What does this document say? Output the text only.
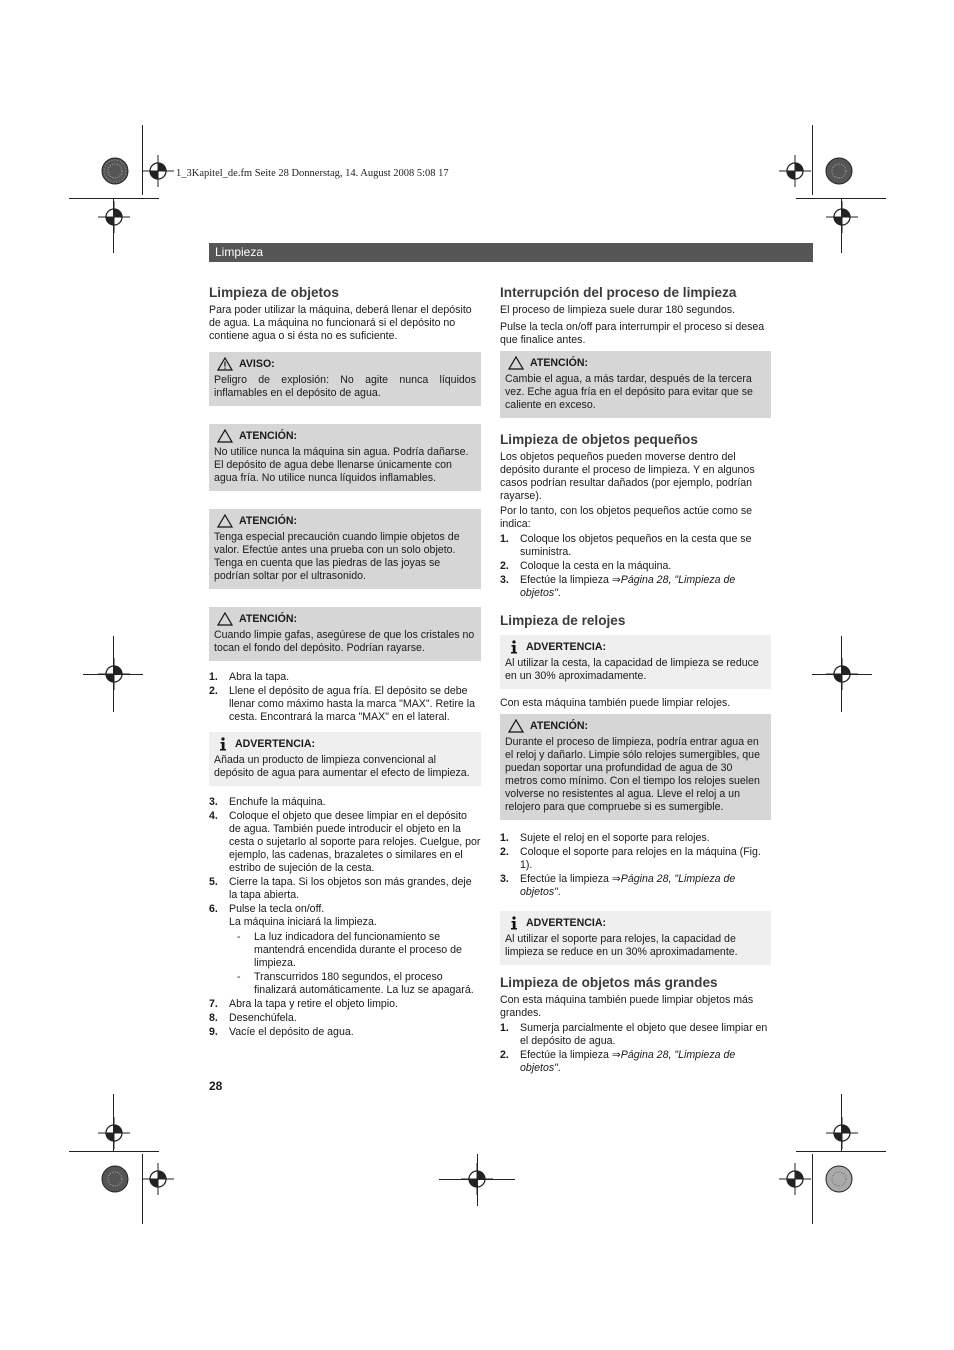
1_3Kapitel_de.fm Seite 28 Donnerstag, 14. August 2008 5:08 17
Limpieza
Limpieza de objetos

Para poder utilizar la máquina, deberá llenar el depósito de agua. La máquina no funcionará si el depósito no contiene agua o si ésta no es suficiente.

AVISO:

Peligro de explosión: No agite nunca líquidos inflamables en el depósito de agua.

ATENCIÓN:

No utilice nunca la máquina sin agua. Podría dañarse. El depósito de agua debe llenarse únicamente con agua fría. No utilice nunca líquidos inflamables.

ATENCIÓN:

Tenga especial precaución cuando limpie objetos de valor. Efectúe antes una prueba con un solo objeto. Tenga en cuenta que las piedras de las joyas se podrían soltar por el ultrasonido.

ATENCIÓN:

Cuando limpie gafas, asegúrese de que los cristales no tocan el fondo del depósito. Podrían rayarse.

1. Abra la tapa.
2. Llene el depósito de agua fría. El depósito se debe llenar como máximo hasta la marca "MAX". Retire la cesta. Encontrará la marca "MAX" en el lateral.
ADVERTENCIA:

Añada un producto de limpieza convencional al depósito de agua para aumentar el efecto de limpieza.

3. Enchufe la máquina.
4. Coloque el objeto que desee limpiar en el depósito de agua. También puede introducir el objeto en la cesta o sujetarlo al soporte para relojes. Cuelgue, por ejemplo, las cadenas, brazaletes o similares en el estribo de sujeción de la cesta.
5. Cierre la tapa. Si los objetos son más grandes, deje la tapa abierta.
6. Pulse la tecla on/off.
La máquina iniciará la limpieza.
- La luz indicadora del funcionamiento se mantendrá encendida durante el proceso de limpieza.
- Transcurridos 180 segundos, el proceso finalizará automáticamente. La luz se apagará.
7. Abra la tapa y retire el objeto limpio.
8. Desenchúfela.
9. Vacíe el depósito de agua.
Interrupción del proceso de limpieza

El proceso de limpieza suele durar 180 segundos.

Pulse la tecla on/off para interrumpir el proceso si desea que finalice antes.

ATENCIÓN:

Cambie el agua, a más tardar, después de la tercera vez. Eche agua fría en el depósito para evitar que se caliente en exceso.

Limpieza de objetos pequeños

Los objetos pequeños pueden moverse dentro del depósito durante el proceso de limpieza. Y en algunos casos podrían resultar dañados (por ejemplo, podrían rayarse).

Por lo tanto, con los objetos pequeños actúe como se indica:

1. Coloque los objetos pequeños en la cesta que se suministra.
2. Coloque la cesta en la máquina.
3. Efectúe la limpieza ⇒Página 28, "Limpieza de objetos".
Limpieza de relojes
ADVERTENCIA:

Al utilizar la cesta, la capacidad de limpieza se reduce en un 30% aproximadamente.

Con esta máquina también puede limpiar relojes.

ATENCIÓN:

Durante el proceso de limpieza, podría entrar agua en el reloj y dañarlo. Limpie sólo relojes sumergibles, que puedan soportar una profundidad de agua de 30 metros como mínimo. Con el tiempo los relojes suelen volverse no resistentes al agua. Lleve el reloj a un relojero para que compruebe si es sumergible.

1. Sujete el reloj en el soporte para relojes.
2. Coloque el soporte para relojes en la máquina (Fig. 1).
3. Efectúe la limpieza ⇒Página 28, "Limpieza de objetos".
ADVERTENCIA:

Al utilizar el soporte para relojes, la capacidad de limpieza se reduce en un 30% aproximadamente.

Limpieza de objetos más grandes

Con esta máquina también puede limpiar objetos más grandes.

1. Sumerja parcialmente el objeto que desee limpiar en el depósito de agua.
2. Efectúe la limpieza ⇒Página 28, "Limpieza de objetos".
28
